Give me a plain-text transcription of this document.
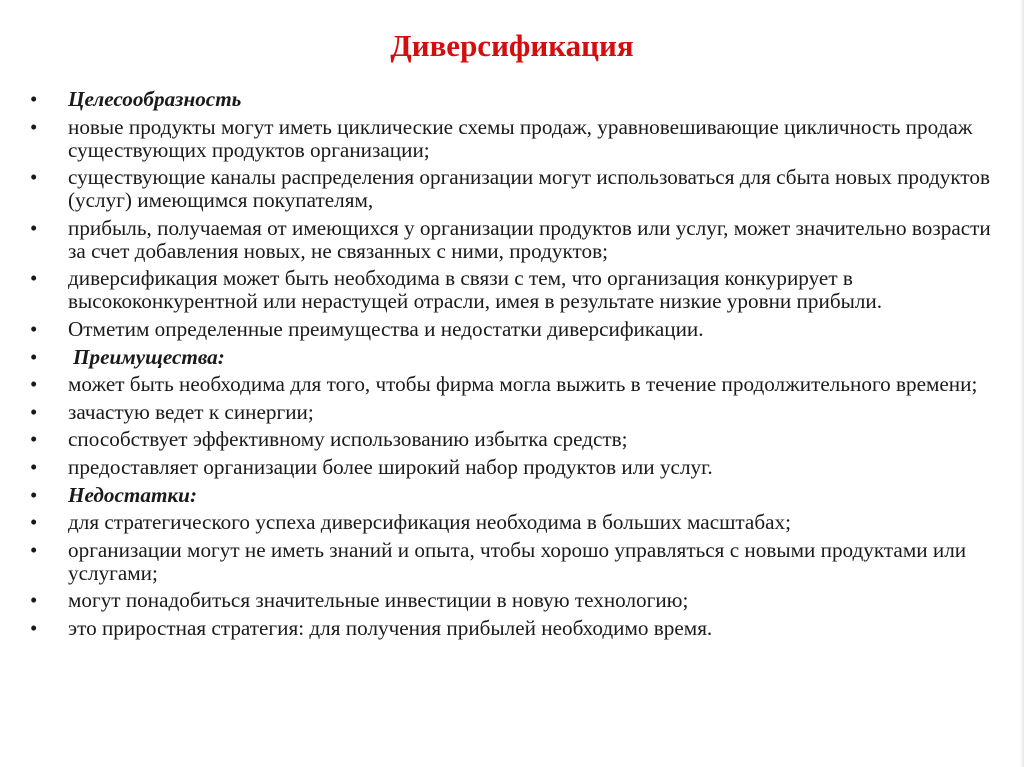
Диверсификация
• Целесообразность
• новые продукты могут иметь циклические схемы продаж, уравновешивающие цикличность продаж существующих продуктов организации;
• существующие каналы распределения организации могут использоваться для сбыта новых продуктов (услуг) имеющимся покупателям,
• прибыль, получаемая от имеющихся у организации продуктов или услуг, может значительно возрасти за счет добавления новых, не связанных с ними, продуктов;
• диверсификация может быть необходима в связи с тем, что организация конкурирует в высококонкурентной или нерастущей отрасли, имея в результате низкие уровни прибыли.
• Отметим определенные преимущества и недостатки диверсификации.
• Преимущества:
• может быть необходима для того, чтобы фирма могла выжить в течение продолжительного времени;
• зачастую ведет к синергии;
• способствует эффективному использованию избытка средств;
• предоставляет организации более широкий набор продуктов или услуг.
• Недостатки:
• для стратегического успеха диверсификация необходима в больших масштабах;
• организации могут не иметь знаний и опыта, чтобы хорошо управляться с новыми продуктами или услугами;
• могут понадобиться значительные инвестиции в новую технологию;
• это приростная стратегия: для получения прибылей необходимо время.
